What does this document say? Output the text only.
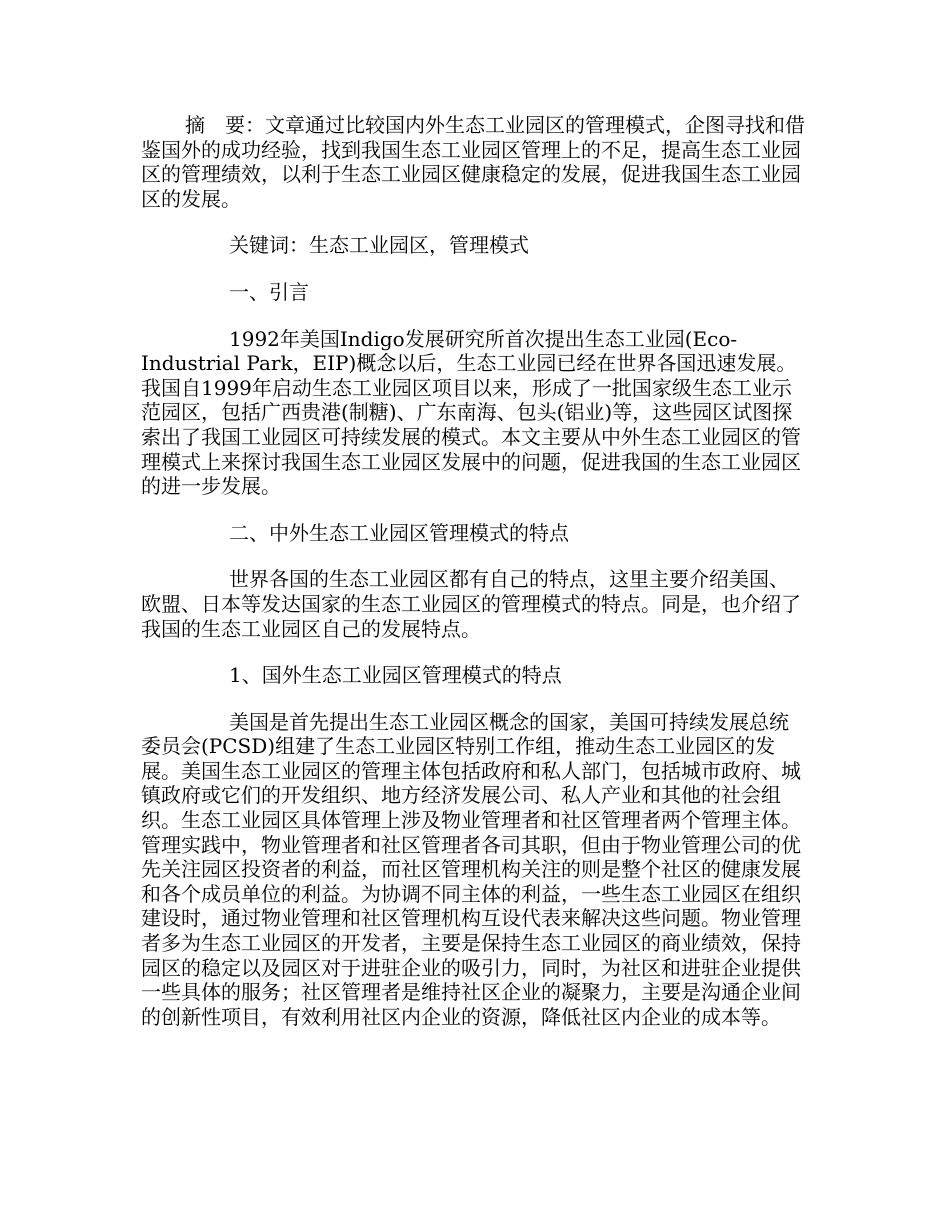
摘　要：文章通过比较国内外生态工业园区的管理模式，企图寻找和借鉴国外的成功经验，找到我国生态工业园区管理上的不足，提高生态工业园区的管理绩效，以利于生态工业园区健康稳定的发展，促进我国生态工业园区的发展。

关键词：生态工业园区，管理模式

一、引言

1992年美国Indigo发展研究所首次提出生态工业园(Eco-Industrial Park，EIP)概念以后，生态工业园已经在世界各国迅速发展。我国自1999年启动生态工业园区项目以来，形成了一批国家级生态工业示范园区，包括广西贵港(制糖)、广东南海、包头(铝业)等，这些园区试图探索出了我国工业园区可持续发展的模式。本文主要从中外生态工业园区的管理模式上来探讨我国生态工业园区发展中的问题，促进我国的生态工业园区的进一步发展。

二、中外生态工业园区管理模式的特点

世界各国的生态工业园区都有自己的特点，这里主要介绍美国、欧盟、日本等发达国家的生态工业园区的管理模式的特点。同是，也介绍了我国的生态工业园区自己的发展特点。

1、国外生态工业园区管理模式的特点

美国是首先提出生态工业园区概念的国家，美国可持续发展总统委员会(PCSD)组建了生态工业园区特别工作组，推动生态工业园区的发展。美国生态工业园区的管理主体包括政府和私人部门，包括城市政府、城镇政府或它们的开发组织、地方经济发展公司、私人产业和其他的社会组织。生态工业园区具体管理上涉及物业管理者和社区管理者两个管理主体。管理实践中，物业管理者和社区管理者各司其职，但由于物业管理公司的优先关注园区投资者的利益，而社区管理机构关注的则是整个社区的健康发展和各个成员单位的利益。为协调不同主体的利益，一些生态工业园区在组织建设时，通过物业管理和社区管理机构互设代表来解决这些问题。物业管理者多为生态工业园区的开发者，主要是保持生态工业园区的商业绩效，保持园区的稳定以及园区对于进驻企业的吸引力，同时，为社区和进驻企业提供一些具体的服务；社区管理者是维持社区企业的凝聚力，主要是沟通企业间的创新性项目，有效利用社区内企业的资源，降低社区内企业的成本等。
